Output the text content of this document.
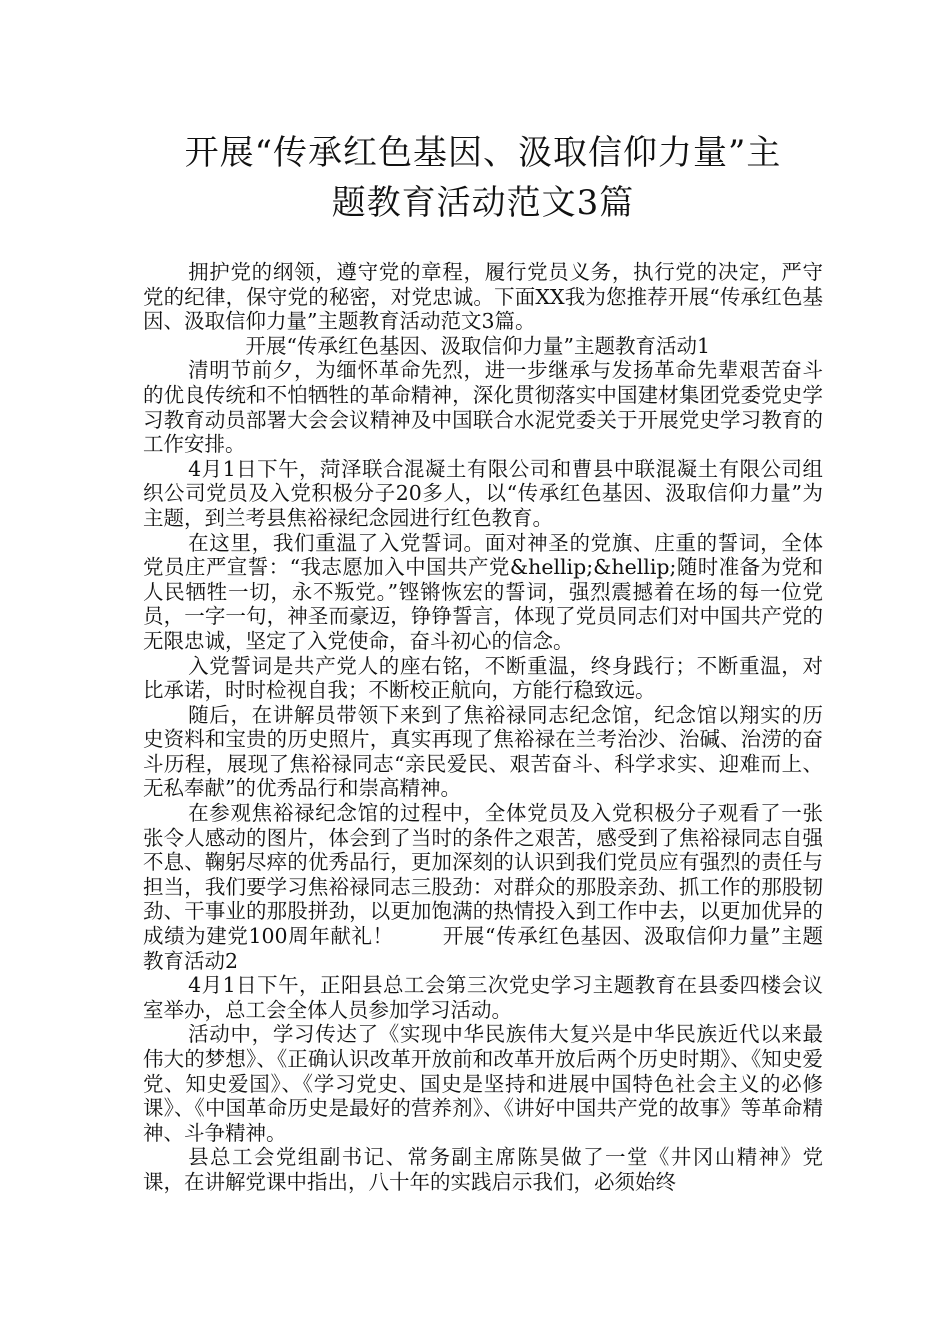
开展“传承红色基因、汲取信仰力量”主
题教育活动范文3篇

拥护党的纲领，遵守党的章程，履行党员义务，执行党的决定，严守党的纪律，保守党的秘密，对党忠诚。下面XX我为您推荐开展“传承红色基因、汲取信仰力量”主题教育活动范文3篇。

开展“传承红色基因、汲取信仰力量”主题教育活动1

清明节前夕，为缅怀革命先烈，进一步继承与发扬革命先辈艰苦奋斗的优良传统和不怕牺牲的革命精神，深化贯彻落实中国建材集团党委党史学习教育动员部署大会会议精神及中国联合水泥党委关于开展党史学习教育的工作安排。

4月1日下午，菏泽联合混凝土有限公司和曹县中联混凝土有限公司组织公司党员及入党积极分子20多人，以“传承红色基因、汲取信仰力量”为主题，到兰考县焦裕禄纪念园进行红色教育。

在这里，我们重温了入党誓词。面对神圣的党旗、庄重的誓词，全体党员庄严宣誓：“我志愿加入中国共产党&hellip;&hellip;随时准备为党和人民牺牲一切，永不叛党。”铿锵恢宏的誓词，强烈震撼着在场的每一位党员，一字一句，神圣而豪迈，铮铮誓言，体现了党员同志们对中国共产党的无限忠诚，坚定了入党使命，奋斗初心的信念。

入党誓词是共产党人的座右铭，不断重温，终身践行；不断重温，对比承诺，时时检视自我；不断校正航向，方能行稳致远。

随后，在讲解员带领下来到了焦裕禄同志纪念馆，纪念馆以翔实的历史资料和宝贵的历史照片，真实再现了焦裕禄在兰考治沙、治碱、治涝的奋斗历程，展现了焦裕禄同志“亲民爱民、艰苦奋斗、科学求实、迎难而上、无私奉献”的优秀品行和崇高精神。

在参观焦裕禄纪念馆的过程中，全体党员及入党积极分子观看了一张张令人感动的图片，体会到了当时的条件之艰苦，感受到了焦裕禄同志自强不息、鞠躬尽瘁的优秀品行，更加深刻的认识到我们党员应有强烈的责任与担当，我们要学习焦裕禄同志三股劲：对群众的那股亲劲、抓工作的那股韧劲、干事业的那股拼劲，以更加饱满的热情投入到工作中去，以更加优异的成绩为建党100周年献礼！ 开展“传承红色基因、汲取信仰力量”主题教育活动2

4月1日下午，正阳县总工会第三次党史学习主题教育在县委四楼会议室举办，总工会全体人员参加学习活动。

活动中，学习传达了《实现中华民族伟大复兴是中华民族近代以来最伟大的梦想》、《正确认识改革开放前和改革开放后两个历史时期》、《知史爱党、知史爱国》、《学习党史、国史是坚持和进展中国特色社会主义的必修课》、《中国革命历史是最好的营养剂》、《讲好中国共产党的故事》等革命精神、斗争精神。

县总工会党组副书记、常务副主席陈昊做了一堂《井冈山精神》党课，在讲解党课中指出，八十年的实践启示我们，必须始终
